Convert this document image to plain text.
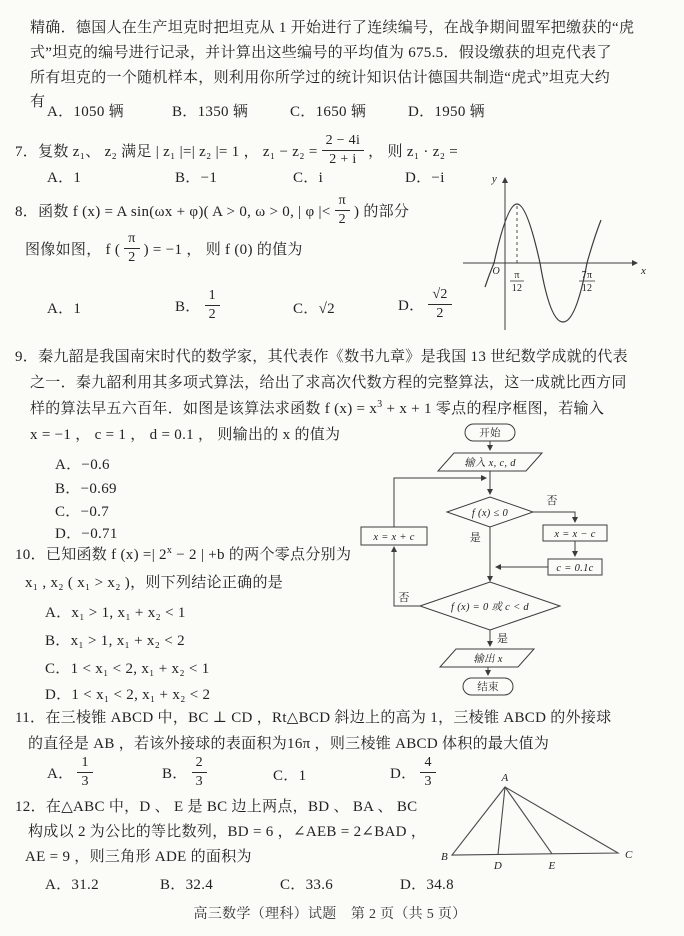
精确．德国人在生产坦克时把坦克从 1 开始进行了连续编号，在战争期间盟军把缴获的“虎
式”坦克的编号进行记录，并计算出这些编号的平均值为 675.5．假设缴获的坦克代表了
所有坦克的一个随机样本，则利用你所学过的统计知识估计德国共制造“虎式”坦克大约
有
A．1050 辆	B．1350 辆	C．1650 辆	D．1950 辆
7．复数 z₁、 z₂ 满足 | z₁ |=| z₂ |= 1 ， $z_1 - z_2 = \frac{2 - 4i}{2 + i}$ ， 则 z₁ · z₂ =
A．1	B．−1	C．i	D．−i
8．函数 f (x) = A sin(ωx + φ)( A > 0, ω > 0, | φ |< $\frac{\pi}{2}$ ) 的部分
图像如图， f ( $\frac{\pi}{2}$ ) = −1 ， 则 f (0) 的值为
A．1	B． $\frac{1}{2}$	C．√2	D． $\frac{√2}{2}$
y
x
O π
12
7π
12
9．秦九韶是我国南宋时代的数学家，其代表作《数书九章》是我国 13 世纪数学成就的代表
之一．秦九韶利用其多项式算法，给出了求高次代数方程的完整算法，这一成就比西方同
样的算法早五六百年．如图是该算法求函数 f $(x) = x^3 + x + 1$ 零点的程序框图，若输入
x = −1 ， c = 1 ， d = 0.1 ， 则输出的 x 的值为
A．−0.6
B．−0.69
C．−0.7
D．−0.71
开始
输入 x, c, d
f (x) ≤ 0
否
x = x − c
c = 0.1c
是
f (x) = 0 或 c < d
否
x = x + c
是
输出 x
结束
10．已知函数 f (x) =| $2^x - 2$ | +b 的两个零点分别为
x₁ , x₂ ( x₁ > x₂ )，则下列结论正确的是
A．x₁ > 1, x₁ + x₂ < 1
B．x₁ > 1, x₁ + x₂ < 2
C．1 < x₁ < 2, x₁ + x₂ < 1
D．1 < x₁ < 2, x₁ + x₂ < 2
11．在三棱锥 ABCD 中，BC ⊥ CD ，Rt△BCD 斜边上的高为 1，三棱锥 ABCD 的外接球
的直径是 AB ，若该外接球的表面积为16π ，则三棱锥 ABCD 体积的最大值为
A． $\frac{1}{3}$	B． $\frac{2}{3}$	C．1	D． $\frac{4}{3}$
12．在△ABC 中，D 、 E 是 BC 边上两点，BD 、 BA 、 BC
构成以 2 为公比的等比数列，BD = 6 ，∠AEB = 2∠BAD ，
AE = 9 ，则三角形 ADE 的面积为
A．31.2	B．32.4	C．33.6	D．34.8
A
B	C
D	E
高三数学（理科）试题　第 2 页（共 5 页）
